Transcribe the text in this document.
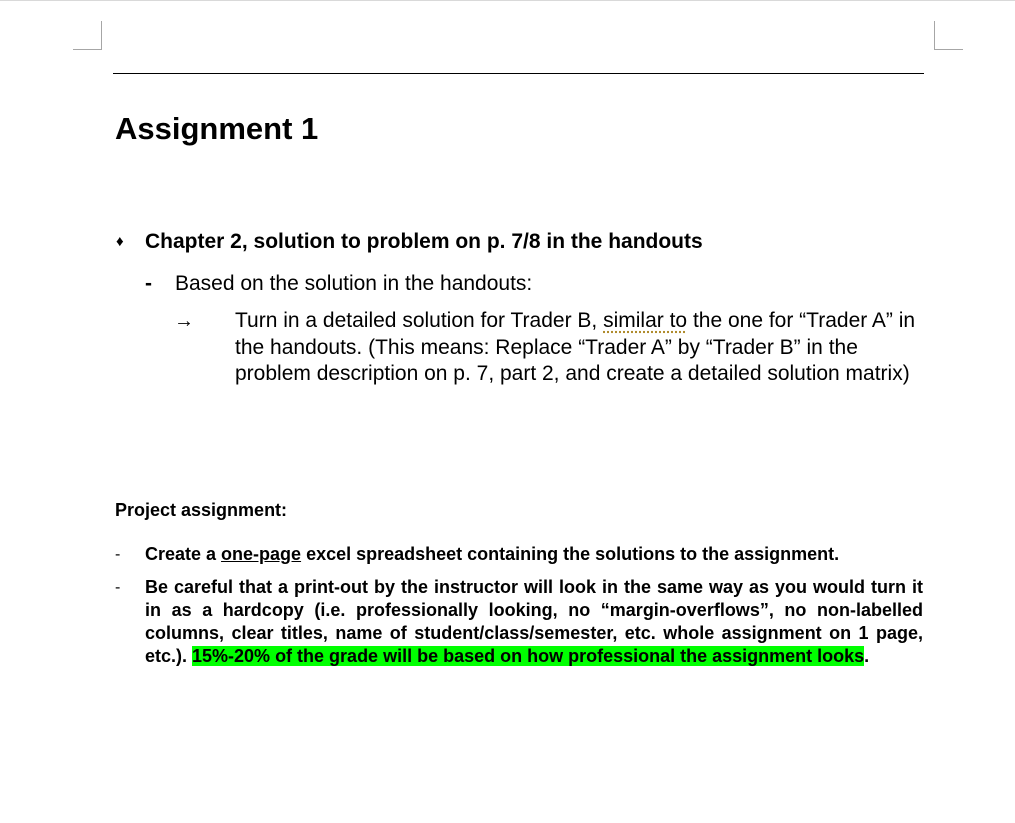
Assignment 1
♦ Chapter 2, solution to problem on p. 7/8 in the handouts
- Based on the solution in the handouts:
→ Turn in a detailed solution for Trader B, similar to the one for “Trader A” in the handouts. (This means: Replace “Trader A” by “Trader B” in the problem description on p. 7, part 2, and create a detailed solution matrix)
Project assignment:
- Create a one-page excel spreadsheet containing the solutions to the assignment.
- Be careful that a print-out by the instructor will look in the same way as you would turn it in as a hardcopy (i.e. professionally looking, no “margin-overflows”, no non-labelled columns, clear titles, name of student/class/semester, etc. whole assignment on 1 page, etc.). 15%-20% of the grade will be based on how professional the assignment looks.
